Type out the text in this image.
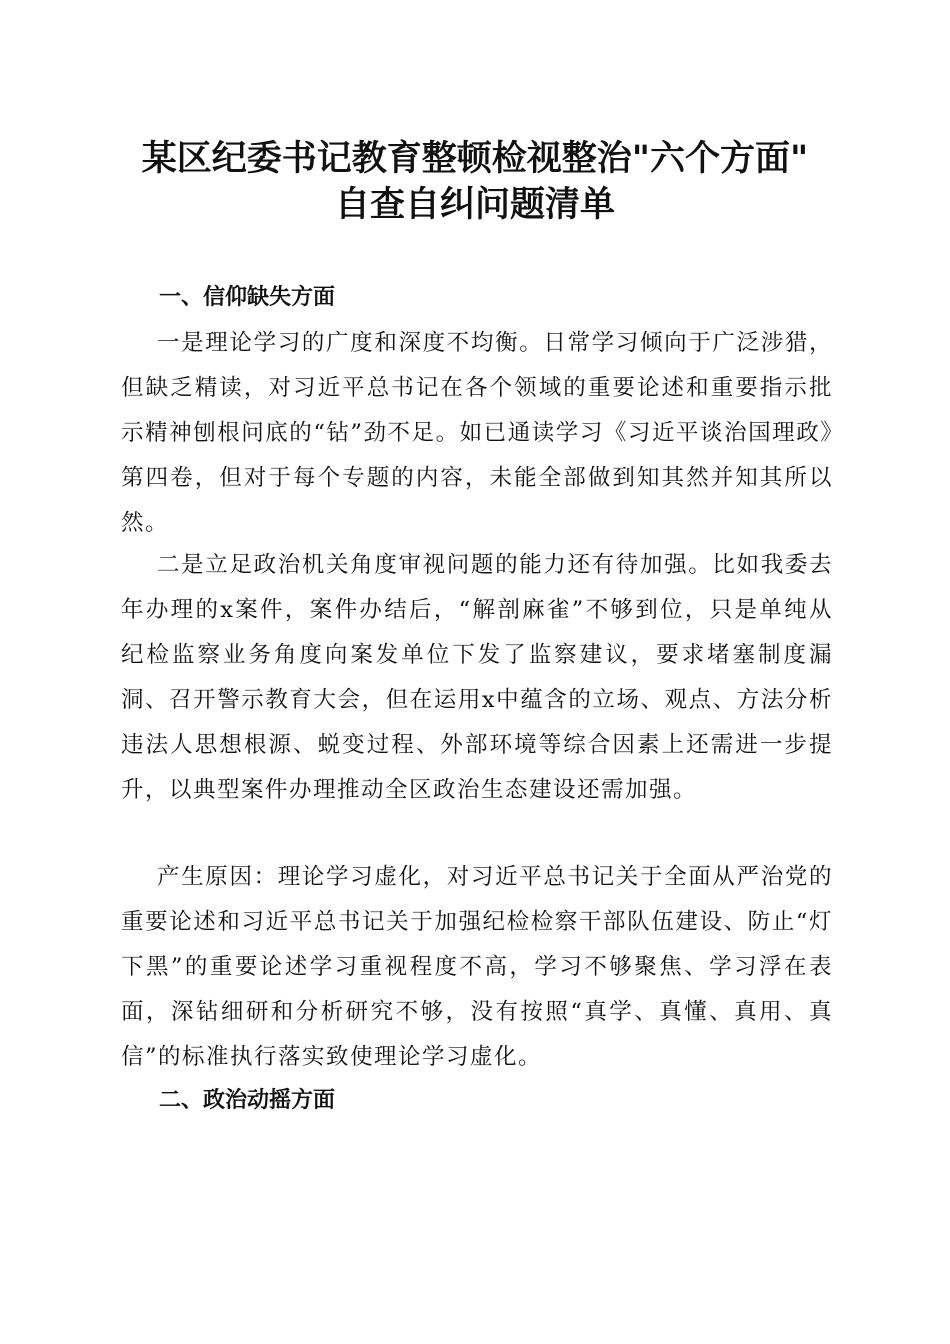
某区纪委书记教育整顿检视整治"六个方面"
自查自纠问题清单
一、信仰缺失方面

一是理论学习的广度和深度不均衡。日常学习倾向于广泛涉猎，但缺乏精读，对习近平总书记在各个领域的重要论述和重要指示批示精神刨根问底的“钻”劲不足。如已通读学习《习近平谈治国理政》第四卷，但对于每个专题的内容，未能全部做到知其然并知其所以然。

二是立足政治机关角度审视问题的能力还有待加强。比如我委去年办理的x案件，案件办结后，“解剖麻雀”不够到位，只是单纯从纪检监察业务角度向案发单位下发了监察建议，要求堵塞制度漏洞、召开警示教育大会，但在运用x中蕴含的立场、观点、方法分析违法人思想根源、蜕变过程、外部环境等综合因素上还需进一步提升，以典型案件办理推动全区政治生态建设还需加强。

产生原因：理论学习虚化，对习近平总书记关于全面从严治党的重要论述和习近平总书记关于加强纪检检察干部队伍建设、防止“灯下黑”的重要论述学习重视程度不高，学习不够聚焦、学习浮在表面，深钻细研和分析研究不够，没有按照“真学、真懂、真用、真信”的标准执行落实致使理论学习虚化。

二、政治动摇方面
